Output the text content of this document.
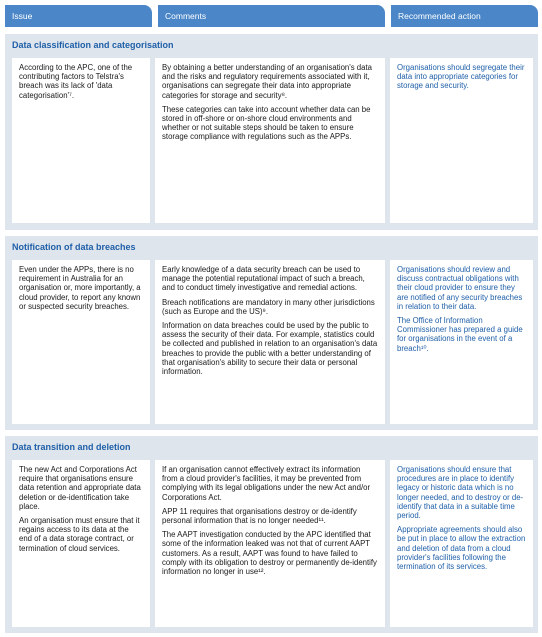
Issue	Comments	Recommended action
Data classification and categorisation

According to the APC, one of the contributing factors to Telstra's breach was its lack of 'data categorisation'⁷.

By obtaining a better understanding of an organisation's data and the risks and regulatory requirements associated with it, organisations can segregate their data into appropriate categories for storage and security⁸.

These categories can take into account whether data can be stored in off-shore or on-shore cloud environments and whether or not suitable steps should be taken to ensure storage compliance with regulations such as the APPs.

Organisations should segregate their data into appropriate categories for storage and security.

Notification of data breaches

Even under the APPs, there is no requirement in Australia for an organisation or, more importantly, a cloud provider, to report any known or suspected security breaches.

Early knowledge of a data security breach can be used to manage the potential reputational impact of such a breach, and to conduct timely investigative and remedial actions.

Breach notifications are mandatory in many other jurisdictions (such as Europe and the US)⁹.

Information on data breaches could be used by the public to assess the security of their data. For example, statistics could be collected and published in relation to an organisation's data breaches to provide the public with a better understanding of that organisation's ability to secure their data or personal information.

Organisations should review and discuss contractual obligations with their cloud provider to ensure they are notified of any security breaches in relation to their data.

The Office of Information Commissioner has prepared a guide for organisations in the event of a breach¹⁰.

Data transition and deletion

The new Act and Corporations Act require that organisations ensure data retention and appropriate data deletion or de-identification take place.

An organisation must ensure that it regains access to its data at the end of a data storage contract, or termination of cloud services.

If an organisation cannot effectively extract its information from a cloud provider's facilities, it may be prevented from complying with its legal obligations under the new Act and/or Corporations Act.

APP 11 requires that organisations destroy or de-identify personal information that is no longer needed¹¹.

The AAPT investigation conducted by the APC identified that some of the information leaked was not that of current AAPT customers. As a result, AAPT was found to have failed to comply with its obligation to destroy or permanently de-identify information no longer in use¹².

Organisations should ensure that procedures are in place to identify legacy or historic data which is no longer needed, and to destroy or de-identify that data in a suitable time period.

Appropriate agreements should also be put in place to allow the extraction and deletion of data from a cloud provider's facilities following the termination of its services.
